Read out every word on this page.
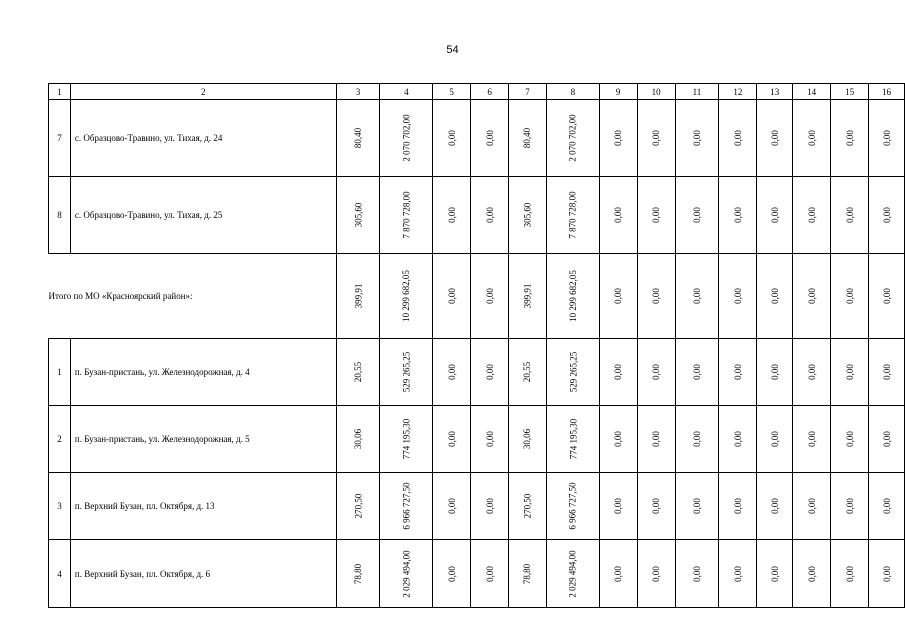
54
1	2	3	4	5	6	7	8	9	10	11	12	13	14	15	16
7	с. Образцово-Травино, ул. Тихая, д. 24	80,40	2 070 702,00	0,00	0,00	80,40	2 070 702,00	0,00	0,00	0,00	0,00	0,00	0,00	0,00	0,00
8	с. Образцово-Травино, ул. Тихая, д. 25	305,60	7 870 728,00	0,00	0,00	305,60	7 870 728,00	0,00	0,00	0,00	0,00	0,00	0,00	0,00	0,00
Итого по МО «Красноярский район»:		399,91	10 299 682,05	0,00	0,00	399,91	10 299 682,05	0,00	0,00	0,00	0,00	0,00	0,00	0,00	0,00
1	п. Бузан-пристань, ул. Железнодорожная, д. 4	20,55	529 265,25	0,00	0,00	20,55	529 265,25	0,00	0,00	0,00	0,00	0,00	0,00	0,00	0,00
2	п. Бузан-пристань, ул. Железнодорожная, д. 5	30,06	774 195,30	0,00	0,00	30,06	774 195,30	0,00	0,00	0,00	0,00	0,00	0,00	0,00	0,00
3	п. Верхний Бузан, пл. Октября, д. 13	270,50	6 966 727,50	0,00	0,00	270,50	6 966 727,50	0,00	0,00	0,00	0,00	0,00	0,00	0,00	0,00
4	п. Верхний Бузан, пл. Октября, д. 6	78,80	2 029 494,00	0,00	0,00	78,80	2 029 494,00	0,00	0,00	0,00	0,00	0,00	0,00	0,00	0,00
